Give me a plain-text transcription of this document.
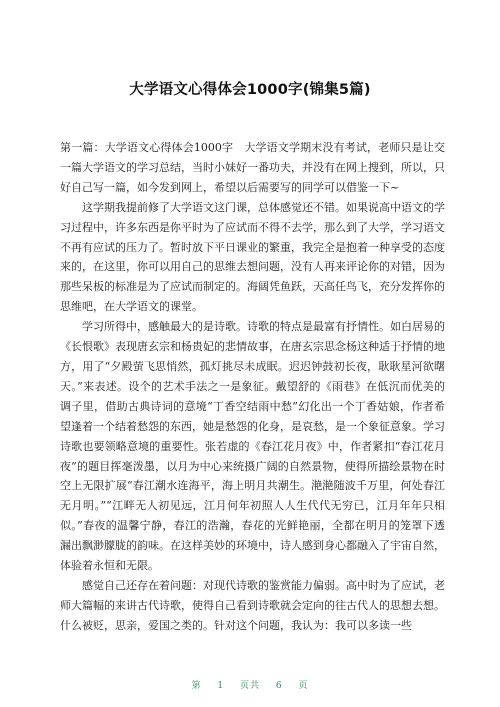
大学语文心得体会1000字(锦集5篇)

第一篇：大学语文心得体会1000字　大学语文学期末没有考试，老师只是让交一篇大学语文的学习总结，当时小妹好一番功夫，并没有在网上搜到，所以，只好自己写一篇，如今发到网上，希望以后需要写的同学可以借鉴一下~

这学期我提前修了大学语文这门课，总体感觉还不错。如果说高中语文的学习过程中，许多东西是你平时为了应试而不得不去学，那么到了大学，学习语文不再有应试的压力了。暂时放下平日课业的繁重，我完全是抱着一种享受的态度来的，在这里，你可以用自己的思维去想问题，没有人再来评论你的对错，因为那些呆板的标准是为了应试而制定的。海阔凭鱼跃，天高任鸟飞，充分发挥你的思维吧，在大学语文的课堂。

学习所得中，感触最大的是诗歌。诗歌的特点是最富有抒情性。如白居易的《长恨歌》表现唐玄宗和杨贵妃的悲情故事，在唐玄宗思念杨这种适于抒情的地方，用了“夕殿萤飞思悄然，孤灯挑尽未成眠。迟迟钟鼓初长夜，耿耿星河欲曙天。”来表述。设个的艺术手法之一是象征。戴望舒的《雨巷》在低沉而优美的调子里，借助古典诗词的意境“丁香空结雨中愁”幻化出一个丁香姑娘，作者希望逢着一个结着愁怨的东西，她是愁怨的化身，是哀愁，是一个象征意象。学习诗歌也要领略意境的重要性。张若虚的《春江花月夜》中，作者紧扣“春江花月夜”的题目挥毫泼墨，以月为中心来统摄广阔的自然景物，使得所描绘景物在时空上无限扩展“春江潮水连海平，海上明月共潮生。滟滟随波千万里，何处春江无月明。”“江畔无人初见远，江月何年初照人人生代代无穷已，江月年年只相似。”春夜的温馨宁静，春江的浩瀚，春花的光鲜艳丽，全都在明月的笼罩下透漏出飘渺朦胧的韵味。在这样美妙的环境中，诗人感到身心都融入了宇宙自然，体验着永恒和无限。

感觉自己还存在着问题：对现代诗歌的鉴赏能力偏弱。高中时为了应试，老师大篇幅的来讲古代诗歌，使得自己看到诗歌就会定向的往古代人的思想去想。什么被贬，思亲，爱国之类的。针对这个问题，我认为：我可以多读一些

第 1 页共 6 页
